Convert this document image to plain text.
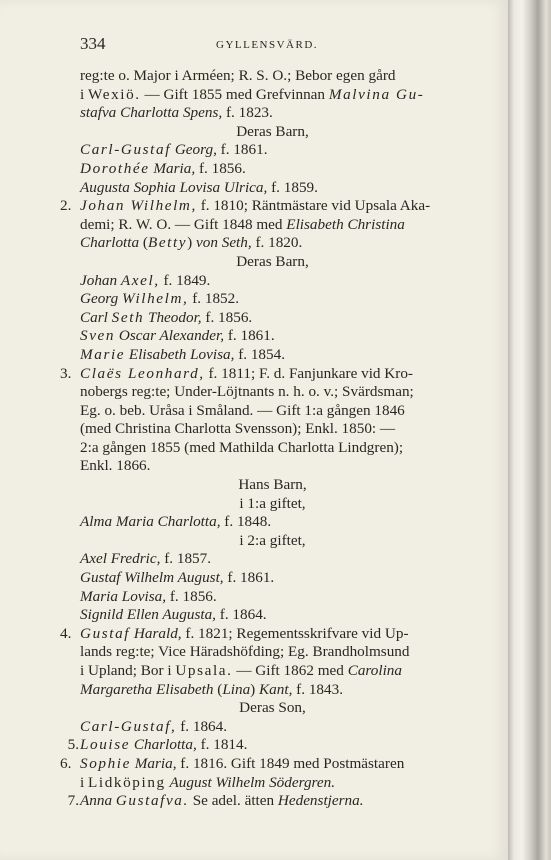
334	GYLLENSVÄRD.
reg:te o. Major i Arméen; R. S. O.; Bebor egen gård
i Wexiö. — Gift 1855 med Grefvinnan Malvina Gu-
stafva Charlotta Spens, f. 1823.
Deras Barn,
Carl-Gustaf Georg, f. 1861.
Dorothée Maria, f. 1856.
Augusta Sophia Lovisa Ulrica, f. 1859.
2. Johan Wilhelm, f. 1810; Räntmästare vid Upsala Aka-
demi; R. W. O. — Gift 1848 med Elisabeth Christina
Charlotta (Betty) von Seth, f. 1820.
Deras Barn,
Johan Axel, f. 1849.
Georg Wilhelm, f. 1852.
Carl Seth Theodor, f. 1856.
Sven Oscar Alexander, f. 1861.
Marie Elisabeth Lovisa, f. 1854.
3. Claës Leonhard, f. 1811; F. d. Fanjunkare vid Kro-
nobergs reg:te; Under-Löjtnants n. h. o. v.; Svärdsman;
Eg. o. beb. Uråsa i Småland. — Gift 1:a gången 1846
(med Christina Charlotta Svensson); Enkl. 1850: —
2:a gången 1855 (med Mathilda Charlotta Lindgren);
Enkl. 1866.
Hans Barn,
i 1:a giftet,
Alma Maria Charlotta, f. 1848.
i 2:a giftet,
Axel Fredric, f. 1857.
Gustaf Wilhelm August, f. 1861.
Maria Lovisa, f. 1856.
Signild Ellen Augusta, f. 1864.
4. Gustaf Harald, f. 1821; Regementsskrifvare vid Up-
lands reg:te; Vice Häradshöfding; Eg. Brandholmsund
i Upland; Bor i Upsala. — Gift 1862 med Carolina
Margaretha Elisabeth (Lina) Kant, f. 1843.
Deras Son,
Carl-Gustaf, f. 1864.
5. Louise Charlotta, f. 1814.
6. Sophie Maria, f. 1816. Gift 1849 med Postmästaren
i Lidköping August Wilhelm Södergren.
7. Anna Gustafva. Se adel. ätten Hedenstjerna.
